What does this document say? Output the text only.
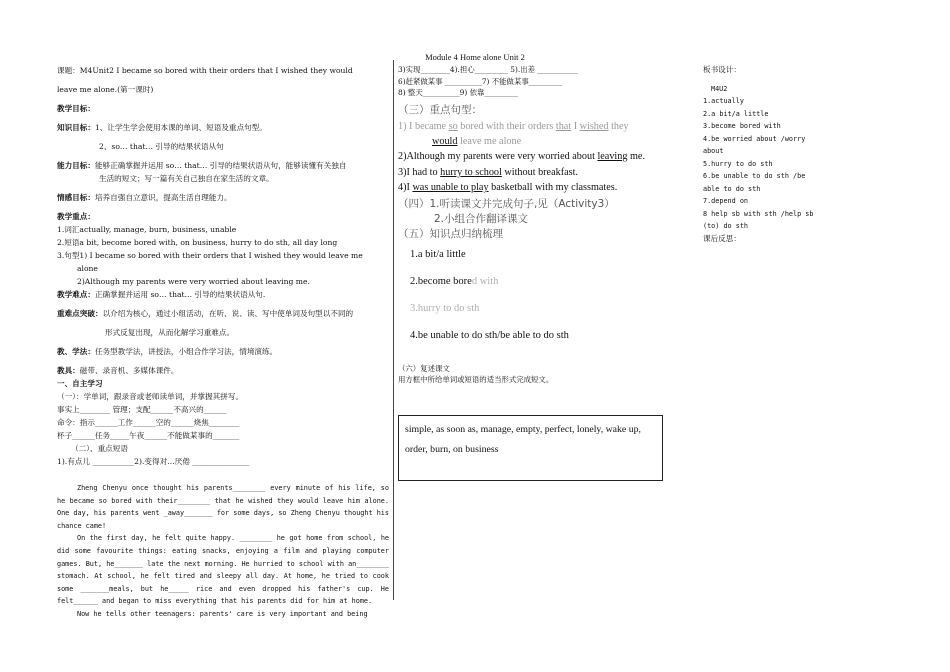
Module 4 Home alone Unit 2
课题：M4Unit2 I became so bored with their orders that I wished they would
leave me alone.(第一课时)
教学目标：
知识目标：1、让学生学会使用本课的单词、短语及重点句型。
2、so… that… 引导的结果状语从句
能力目标：能够正确掌握并运用 so… that… 引导的结果状语从句，能够读懂有关独自
生活的短文；写一篇有关自己独自在家生活的文章。
情感目标：培养自强自立意识，提高生活自理能力。
教学重点：
1.词汇actually, manage, burn, business, unable
2.短语a bit, become bored with, on business, hurry to do sth, all day long
3.句型1) I became so bored with their orders that I wished they would leave me
alone
2)Although my parents were very worried about leaving me.
教学难点：正确掌握并运用 so… that… 引导的结果状语从句.
重难点突破：以介绍为核心，通过小组活动，在听、说、读、写中使单词及句型以不同的
形式反复出现，从而化解学习重难点。
教、学法：任务型教学法，讲授法，小组合作学习法，情境演练。
教具：磁带、录音机、多媒体课件。
一、自主学习
（一）：学单词，跟录音或老师读单词，并掌握其拼写。
事实上________ 管理；支配______不高兴的______
命令：指示______工作______空的______烧焦________
杯子______任务_____午夜______不能做某事的_______
（二）、重点短语
1).有点儿 ___________2).变得对…厌倦 _______________

Zheng Chenyu once thought his parents________ every minute of his life, so he became so bored with their________ that he wished they would leave him alone. One day, his parents went _away_______ for some days, so Zheng Chenyu thought his chance came!

On the first day, he felt quite happy. ________ he got home from school, he did some favourite things: eating snacks, enjoying a film and playing computer games. But, he_______ late the next morning. He hurried to school with an________ stomach. At school, he felt tired and sleepy all day. At home, he tried to cook some _______meals, but he_____ rice and even dropped his father's cup. He felt______ and began to miss everything that his parents did for him at home.

Now he tells other teenagers: parents' care is very important and being

3)实现________4).担心_________ 5).出差 ___________
6)赶紧做某事 __________7) 不能做某事_________
8) 整天__________9) 依靠_________
（三）重点句型：
1) I became so bored with their orders that I wished they
would leave me alone
2)Although my parents were very worried about leaving me.
3)I had to hurry to school without breakfast.
4)I was unable to play basketball with my classmates.
（四）1.听读课文并完成句子,见（Activity3）
2.小组合作翻译课文
（五）知识点归纳梳理
1.a bit/a little
2.become bored with
3.hurry to do sth
4.be unable to do sth/be able to do sth
（六）复述课文
用方框中所给单词或短语的适当形式完成短文。
simple, as soon as, manage, empty, perfect, lonely, wake up, order, burn, on business
板书设计：
M4U2
1.actually
2.a bit/a little
3.become bored with
4.be worried about /worry about
5.hurry to do sth
6.be unable to do sth /be able to do sth
7.depend on
8 help sb with sth /help sb (to) do sth
课后反思：
